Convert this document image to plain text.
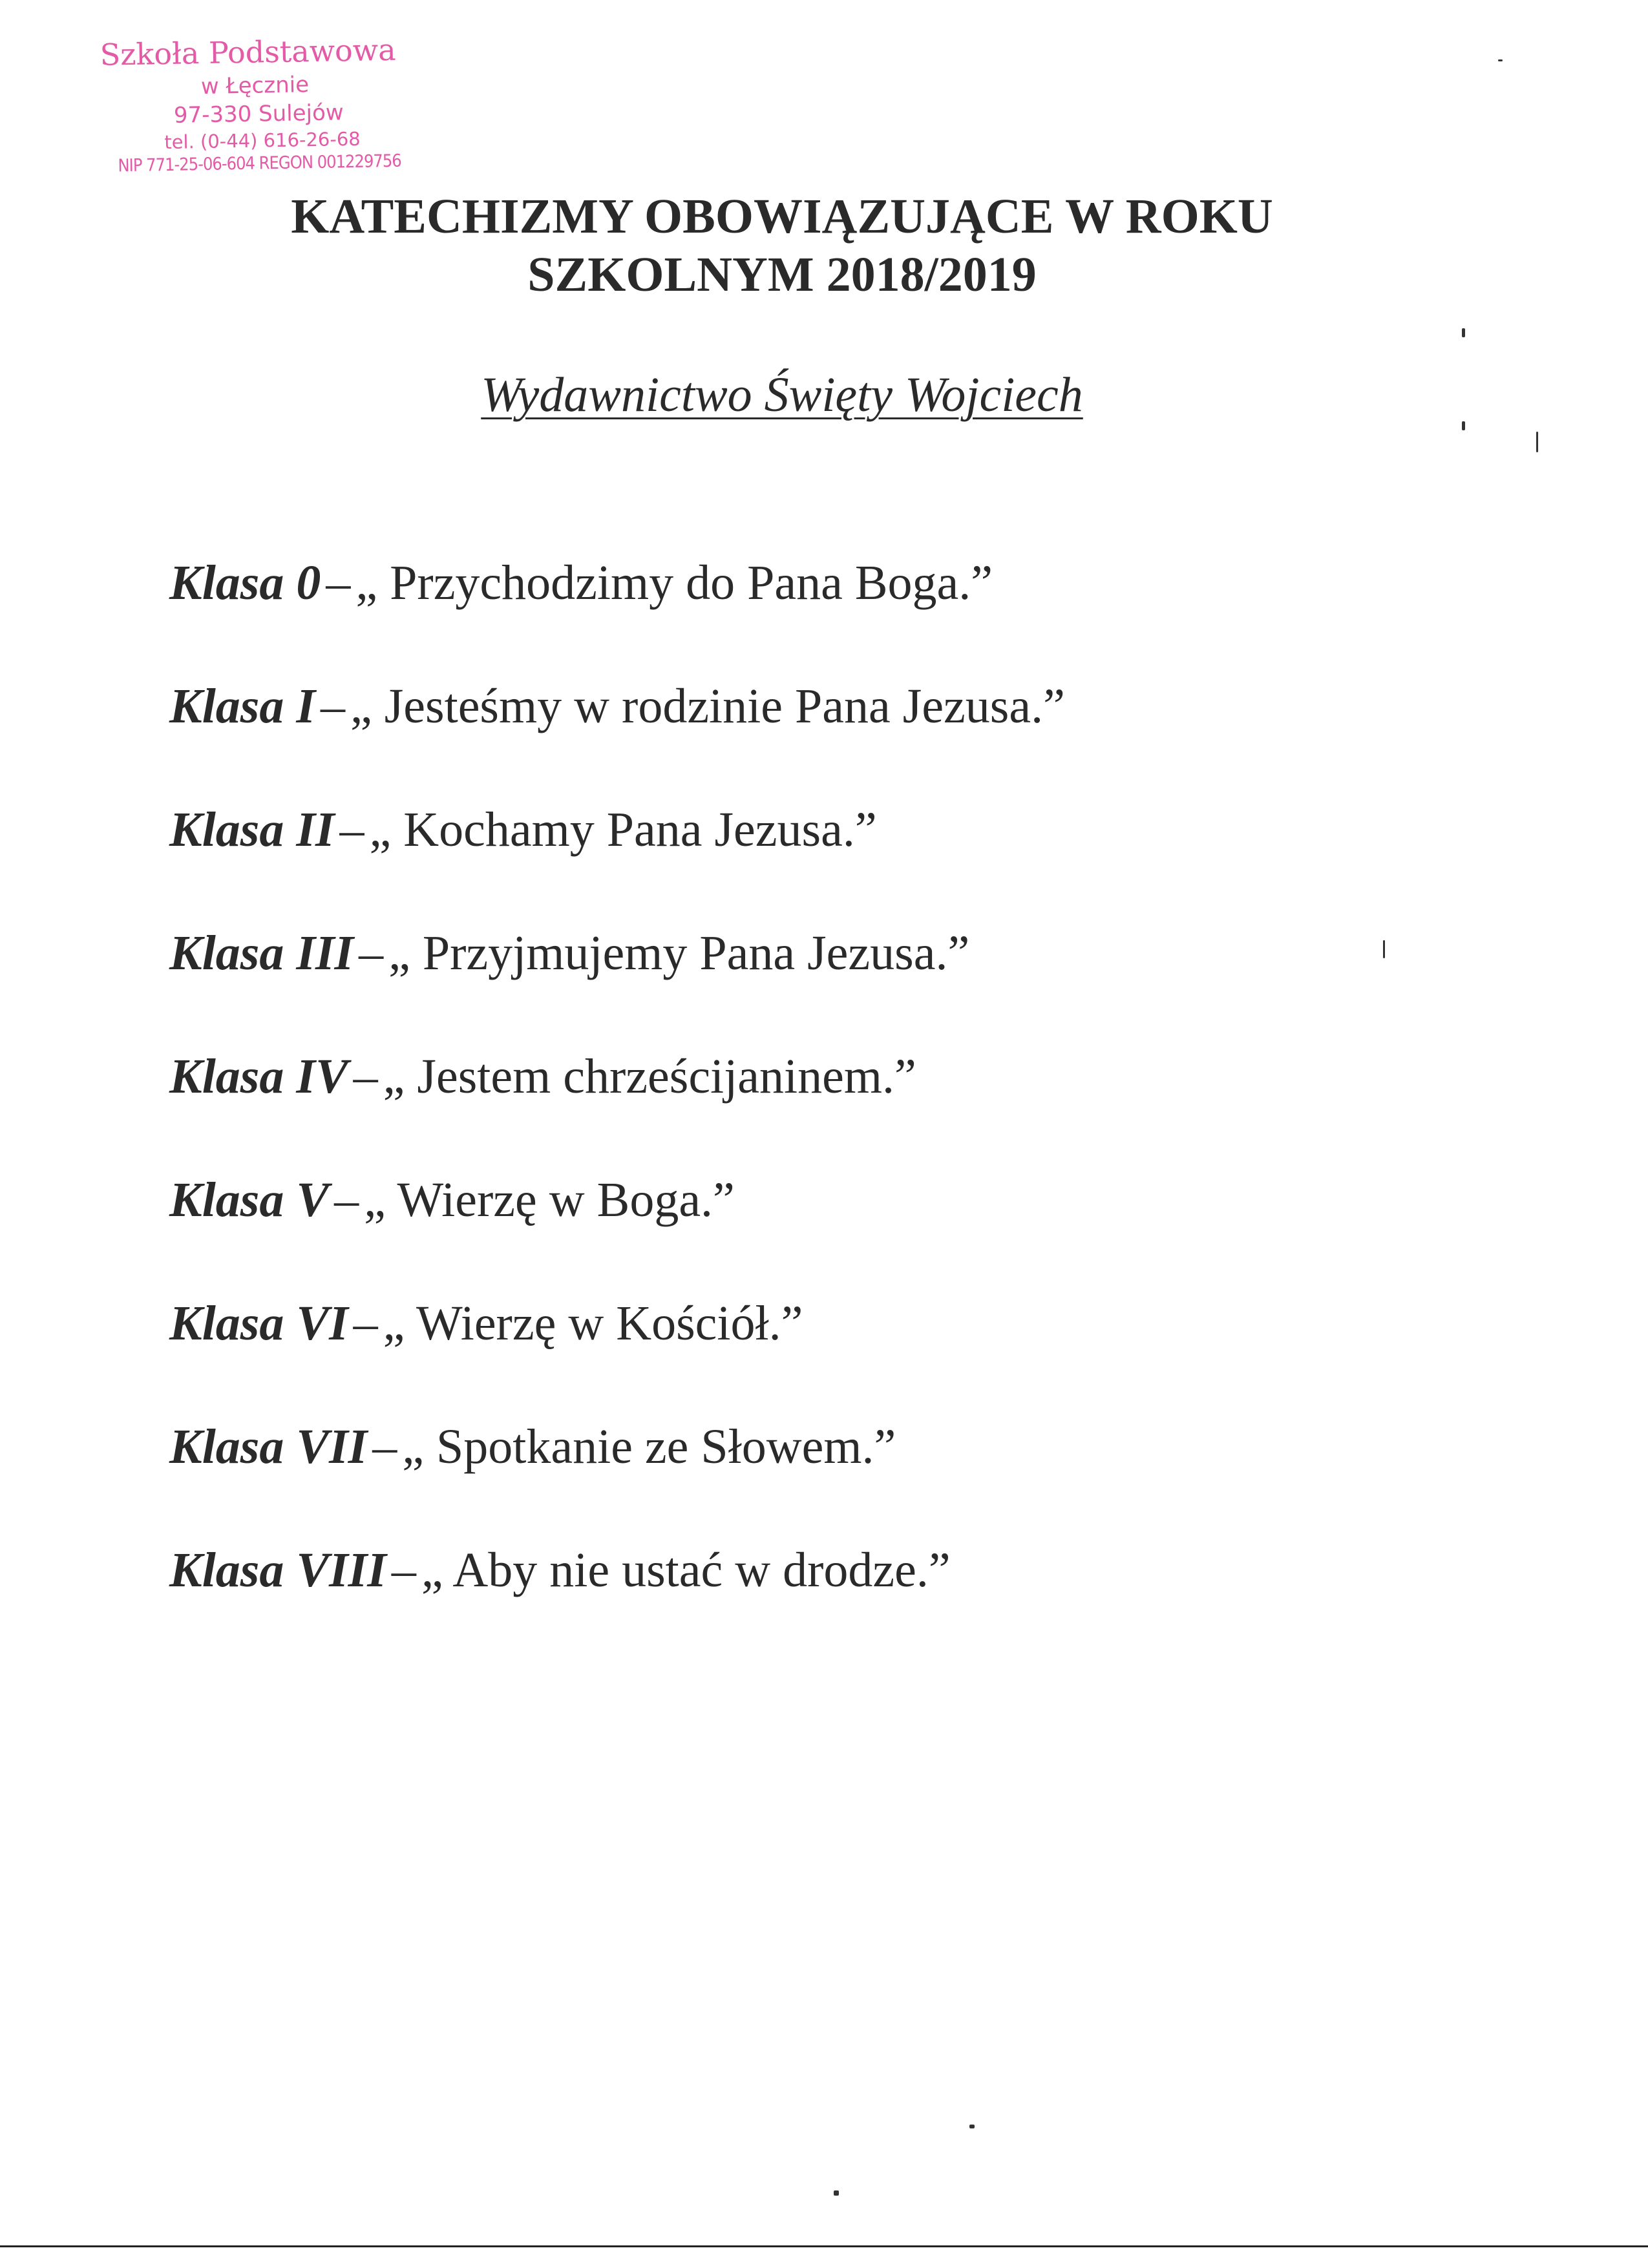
Szkoła Podstawowa
w Łęcznie
97-330 Sulejów
tel. (0-44) 616-26-68
NIP 771-25-06-604 REGON 001229756
KATECHIZMY OBOWIĄZUJĄCE W ROKU
SZKOLNYM 2018/2019
Wydawnictwo Święty Wojciech
Klasa 0 – „ Przychodzimy do Pana Boga.”
Klasa I – „ Jesteśmy w rodzinie Pana Jezusa.”
Klasa II – „ Kochamy Pana Jezusa.”
Klasa III – „ Przyjmujemy Pana Jezusa.”
Klasa IV – „ Jestem chrześcijaninem.”
Klasa V – „ Wierzę w Boga.”
Klasa VI – „ Wierzę w Kościół.”
Klasa VII – „ Spotkanie ze Słowem.”
Klasa VIII – „ Aby nie ustać w drodze.”
